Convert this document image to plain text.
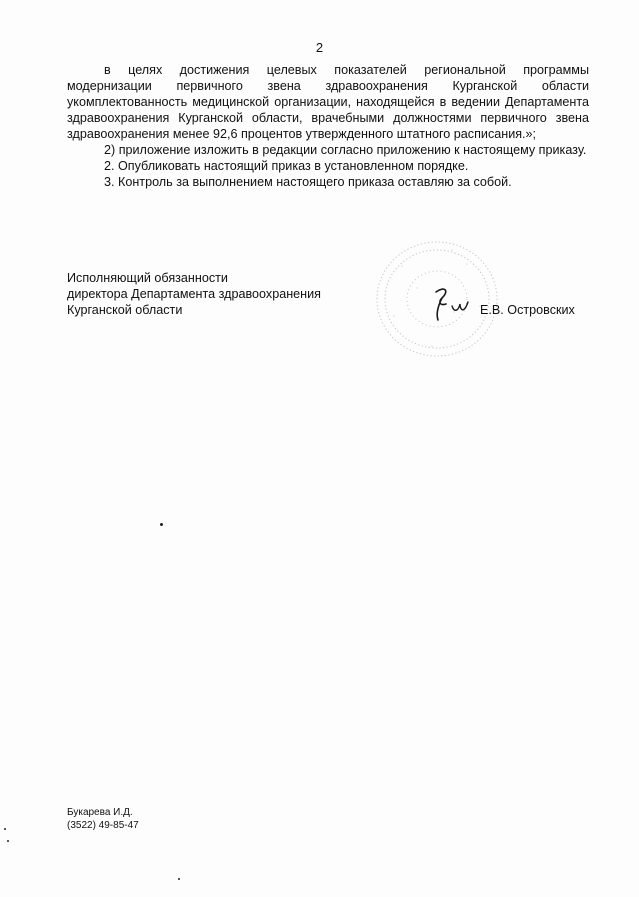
2

в целях достижения целевых показателей региональной программы модернизации первичного звена здравоохранения Курганской области укомплектованность медицинской организации, находящейся в ведении Департамента здравоохранения Курганской области, врачебными должностями первичного звена здравоохранения менее 92,6 процентов утвержденного штатного расписания.»;

2) приложение изложить в редакции согласно приложению к настоящему приказу.

2. Опубликовать настоящий приказ в установленном порядке.

3. Контроль за выполнением настоящего приказа оставляю за собой.

Исполняющий обязанности
директора Департамента здравоохранения
Курганской области	Е.В. Островских
Букарева И.Д.
(3522) 49-85-47
